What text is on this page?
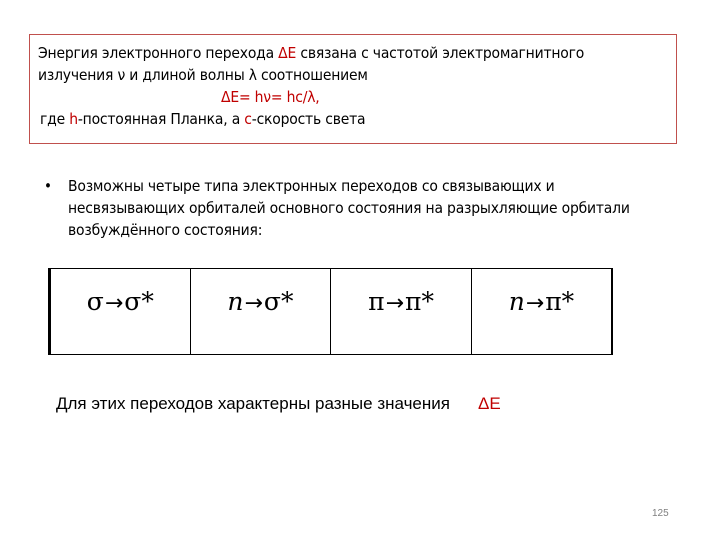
Энергия электронного перехода ΔE связана с частотой электромагнитного
излучения ν и длиной волны λ соотношением
ΔE= hν= hc/λ,
где h-постоянная Планка, а c-скорость света
•	Возможны четыре типа электронных переходов со связывающих и несвязывающих орбиталей основного состояния на разрыхляющие орбитали возбуждённого состояния:
σ→σ*	n→σ*	π→π*	n→π*
Для этих переходов характерны разные значения ΔE
125
